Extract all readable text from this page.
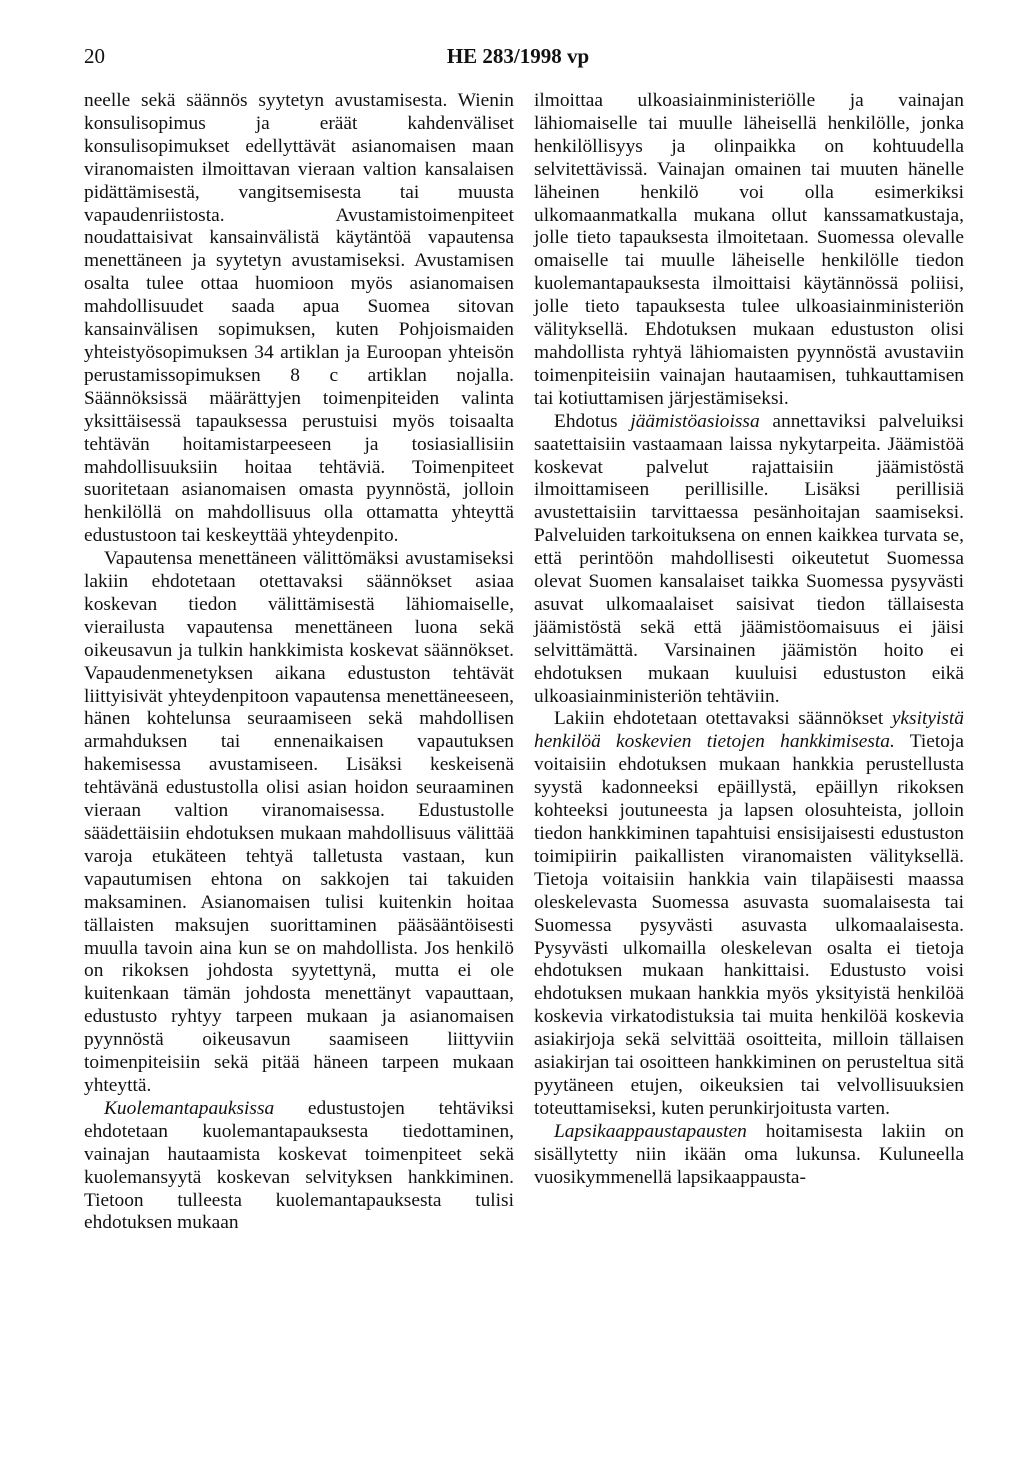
20	HE 283/1998 vp

neelle sekä säännös syytetyn avustamisesta. Wienin konsulisopimus ja eräät kahdenväliset konsulisopimukset edellyttävät asianomaisen maan viranomaisten ilmoittavan vieraan valtion kansalaisen pidättämisestä, vangitsemisesta tai muusta vapaudenriistosta. Avustamistoimenpiteet noudattaisivat kansainvälistä käytäntöä vapautensa menettäneen ja syytetyn avustamiseksi. Avustamisen osalta tulee ottaa huomioon myös asianomaisen mahdollisuudet saada apua Suomea sitovan kansainvälisen sopimuksen, kuten Pohjoismaiden yhteistyösopimuksen 34 artiklan ja Euroopan yhteisön perustamissopimuksen 8 c artiklan nojalla. Säännöksissä määrättyjen toimenpiteiden valinta yksittäisessä tapauksessa perustuisi myös toisaalta tehtävän hoitamistarpeeseen ja tosiasiallisiin mahdollisuuksiin hoitaa tehtäviä. Toimenpiteet suoritetaan asianomaisen omasta pyynnöstä, jolloin henkilöllä on mahdollisuus olla ottamatta yhteyttä edustustoon tai keskeyttää yhteydenpito.

Vapautensa menettäneen välittömäksi avustamiseksi lakiin ehdotetaan otettavaksi säännökset asiaa koskevan tiedon välittämisestä lähiomaiselle, vierailusta vapautensa menettäneen luona sekä oikeusavun ja tulkin hankkimista koskevat säännökset. Vapaudenmenetyksen aikana edustuston tehtävät liittyisivät yhteydenpitoon vapautensa menettäneeseen, hänen kohtelunsa seuraamiseen sekä mahdollisen armahduksen tai ennenaikaisen vapautuksen hakemisessa avustamiseen. Lisäksi keskeisenä tehtävänä edustustolla olisi asian hoidon seuraaminen vieraan valtion viranomaisessa. Edustustolle säädettäisiin ehdotuksen mukaan mahdollisuus välittää varoja etukäteen tehtyä talletusta vastaan, kun vapautumisen ehtona on sakkojen tai takuiden maksaminen. Asianomaisen tulisi kuitenkin hoitaa tällaisten maksujen suorittaminen pääsääntöisesti muulla tavoin aina kun se on mahdollista. Jos henkilö on rikoksen johdosta syytettynä, mutta ei ole kuitenkaan tämän johdosta menettänyt vapauttaan, edustusto ryhtyy tarpeen mukaan ja asianomaisen pyynnöstä oikeusavun saamiseen liittyviin toimenpiteisiin sekä pitää häneen tarpeen mukaan yhteyttä.

Kuolemantapauksissa edustustojen tehtäviksi ehdotetaan kuolemantapauksesta tiedottaminen, vainajan hautaamista koskevat toimenpiteet sekä kuolemansyytä koskevan selvityksen hankkiminen. Tietoon tulleesta kuolemantapauksesta tulisi ehdotuksen mukaan

ilmoittaa ulkoasiainministeriölle ja vainajan lähiomaiselle tai muulle läheisellä henkilölle, jonka henkilöllisyys ja olinpaikka on kohtuudella selvitettävissä. Vainajan omainen tai muuten hänelle läheinen henkilö voi olla esimerkiksi ulkomaanmatkalla mukana ollut kanssamatkustaja, jolle tieto tapauksesta ilmoitetaan. Suomessa olevalle omaiselle tai muulle läheiselle henkilölle tiedon kuolemantapauksesta ilmoittaisi käytännössä poliisi, jolle tieto tapauksesta tulee ulkoasiainministeriön välityksellä. Ehdotuksen mukaan edustuston olisi mahdollista ryhtyä lähiomaisten pyynnöstä avustaviin toimenpiteisiin vainajan hautaamisen, tuhkauttamisen tai kotiuttamisen järjestämiseksi.

Ehdotus jäämistöasioissa annettaviksi palveluiksi saatettaisiin vastaamaan laissa nykytarpeita. Jäämistöä koskevat palvelut rajattaisiin jäämistöstä ilmoittamiseen perillisille. Lisäksi perillisiä avustettaisiin tarvittaessa pesänhoitajan saamiseksi. Palveluiden tarkoituksena on ennen kaikkea turvata se, että perintöön mahdollisesti oikeutetut Suomessa olevat Suomen kansalaiset taikka Suomessa pysyvästi asuvat ulkomaalaiset saisivat tiedon tällaisesta jäämistöstä sekä että jäämistöomaisuus ei jäisi selvittämättä. Varsinainen jäämistön hoito ei ehdotuksen mukaan kuuluisi edustuston eikä ulkoasiainministeriön tehtäviin.

Lakiin ehdotetaan otettavaksi säännökset yksityistä henkilöä koskevien tietojen hankkimisesta. Tietoja voitaisiin ehdotuksen mukaan hankkia perustellusta syystä kadonneeksi epäillystä, epäillyn rikoksen kohteeksi joutuneesta ja lapsen olosuhteista, jolloin tiedon hankkiminen tapahtuisi ensisijaisesti edustuston toimipiirin paikallisten viranomaisten välityksellä. Tietoja voitaisiin hankkia vain tilapäisesti maassa oleskelevasta Suomessa asuvasta suomalaisesta tai Suomessa pysyvästi asuvasta ulkomaalaisesta. Pysyvästi ulkomailla oleskelevan osalta ei tietoja ehdotuksen mukaan hankittaisi. Edustusto voisi ehdotuksen mukaan hankkia myös yksityistä henkilöä koskevia virkatodistuksia tai muita henkilöä koskevia asiakirjoja sekä selvittää osoitteita, milloin tällaisen asiakirjan tai osoitteen hankkiminen on perusteltua sitä pyytäneen etujen, oikeuksien tai velvollisuuksien toteuttamiseksi, kuten perunkirjoitusta varten.

Lapsikaappaustapausten hoitamisesta lakiin on sisällytetty niin ikään oma lukunsa. Kuluneella vuosikymmenellä lapsikaappausta-
